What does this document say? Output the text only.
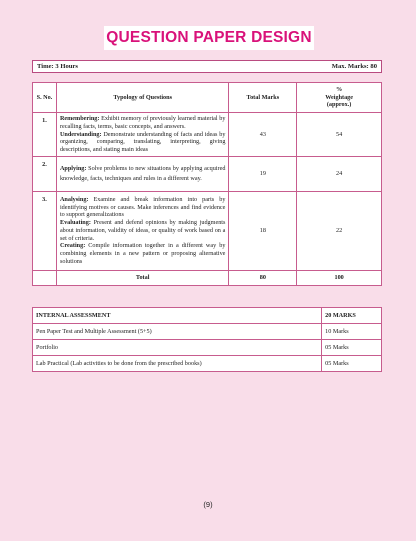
QUESTION PAPER DESIGN
Time: 3 Hours	Max. Marks: 80
S. No.	Typology of Questions	Total Marks	%
Weightage
(approx.)

1.	Remembering: Exhibit memory of previously learned material by recalling facts, terms, basic concepts, and answers.
Understanding: Demonstrate understanding of facts and ideas by organizing, comparing, translating, interpreting, giving descriptions, and stating main ideas	43	54
2.	Applying: Solve problems to new situations by applying acquired knowledge, facts, techniques and rules in a different way.	19	24
3.	Analysing: Examine and break information into parts by identifying motives or causes. Make inferences and find evidence to support generalizations
Evaluating: Present and defend opinions by making judgments about information, validity of ideas, or quality of work based on a set of criteria.
Creating: Compile information together in a different way by combining elements in a new pattern or proposing alternative solutions	18	22
	Total	80	100
INTERNAL ASSESSMENT	20 MARKS
Pen Paper Test and Multiple Assessment (5+5)	10 Marks
Portfolio	05 Marks
Lab Practical (Lab activities to be done from the prescribed books)	05 Marks
(9)
